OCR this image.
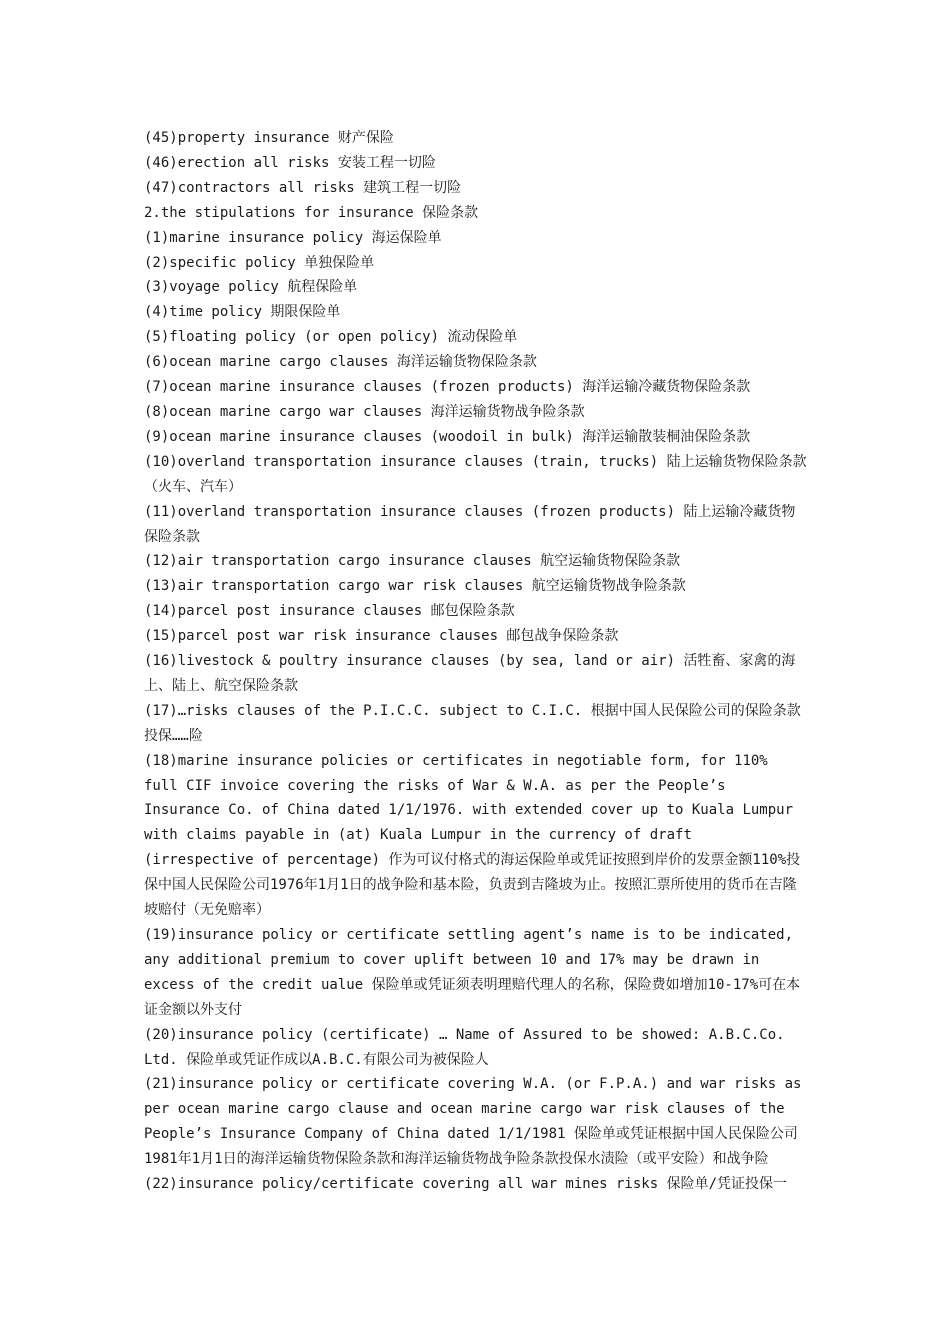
(45)property insurance 财产保险

(46)erection all risks 安装工程一切险

(47)contractors all risks 建筑工程一切险

2.the stipulations for insurance 保险条款

(1)marine insurance policy 海运保险单

(2)specific policy 单独保险单

(3)voyage policy 航程保险单

(4)time policy 期限保险单

(5)floating policy (or open policy) 流动保险单

(6)ocean marine cargo clauses 海洋运输货物保险条款

(7)ocean marine insurance clauses (frozen products) 海洋运输冷藏货物保险条款

(8)ocean marine cargo war clauses 海洋运输货物战争险条款

(9)ocean marine insurance clauses (woodoil in bulk) 海洋运输散装桐油保险条款

(10)overland transportation insurance clauses (train, trucks) 陆上运输货物保险条款（火车、汽车）

(11)overland transportation insurance clauses (frozen products) 陆上运输冷藏货物保险条款

(12)air transportation cargo insurance clauses 航空运输货物保险条款

(13)air transportation cargo war risk clauses 航空运输货物战争险条款

(14)parcel post insurance clauses 邮包保险条款

(15)parcel post war risk insurance clauses 邮包战争保险条款

(16)livestock & poultry insurance clauses (by sea, land or air) 活牲畜、家禽的海上、陆上、航空保险条款

(17)…risks clauses of the P.I.C.C. subject to C.I.C. 根据中国人民保险公司的保险条款投保……险

(18)marine insurance policies or certificates in negotiable form, for 110% full CIF invoice covering the risks of War & W.A. as per the People’s Insurance Co. of China dated 1/1/1976. with extended cover up to Kuala Lumpur with claims payable in (at) Kuala Lumpur in the currency of draft (irrespective of percentage) 作为可议付格式的海运保险单或凭证按照到岸价的发票金额110%投保中国人民保险公司1976年1月1日的战争险和基本险，负责到吉隆坡为止。按照汇票所使用的货币在吉隆坡赔付（无免赔率）

(19)insurance policy or certificate settling agent’s name is to be indicated, any additional premium to cover uplift between 10 and 17% may be drawn in excess of the credit ualue 保险单或凭证须表明理赔代理人的名称，保险费如增加10-17%可在本证金额以外支付

(20)insurance policy (certificate) … Name of Assured to be showed: A.B.C.Co. Ltd. 保险单或凭证作成以A.B.C.有限公司为被保险人

(21)insurance policy or certificate covering W.A. (or F.P.A.) and war risks as per ocean marine cargo clause and ocean marine cargo war risk clauses of the People’s Insurance Company of China dated 1/1/1981 保险单或凭证根据中国人民保险公司1981年1月1日的海洋运输货物保险条款和海洋运输货物战争险条款投保水渍险（或平安险）和战争险

(22)insurance policy/certificate covering all war mines risks 保险单/凭证投保一
